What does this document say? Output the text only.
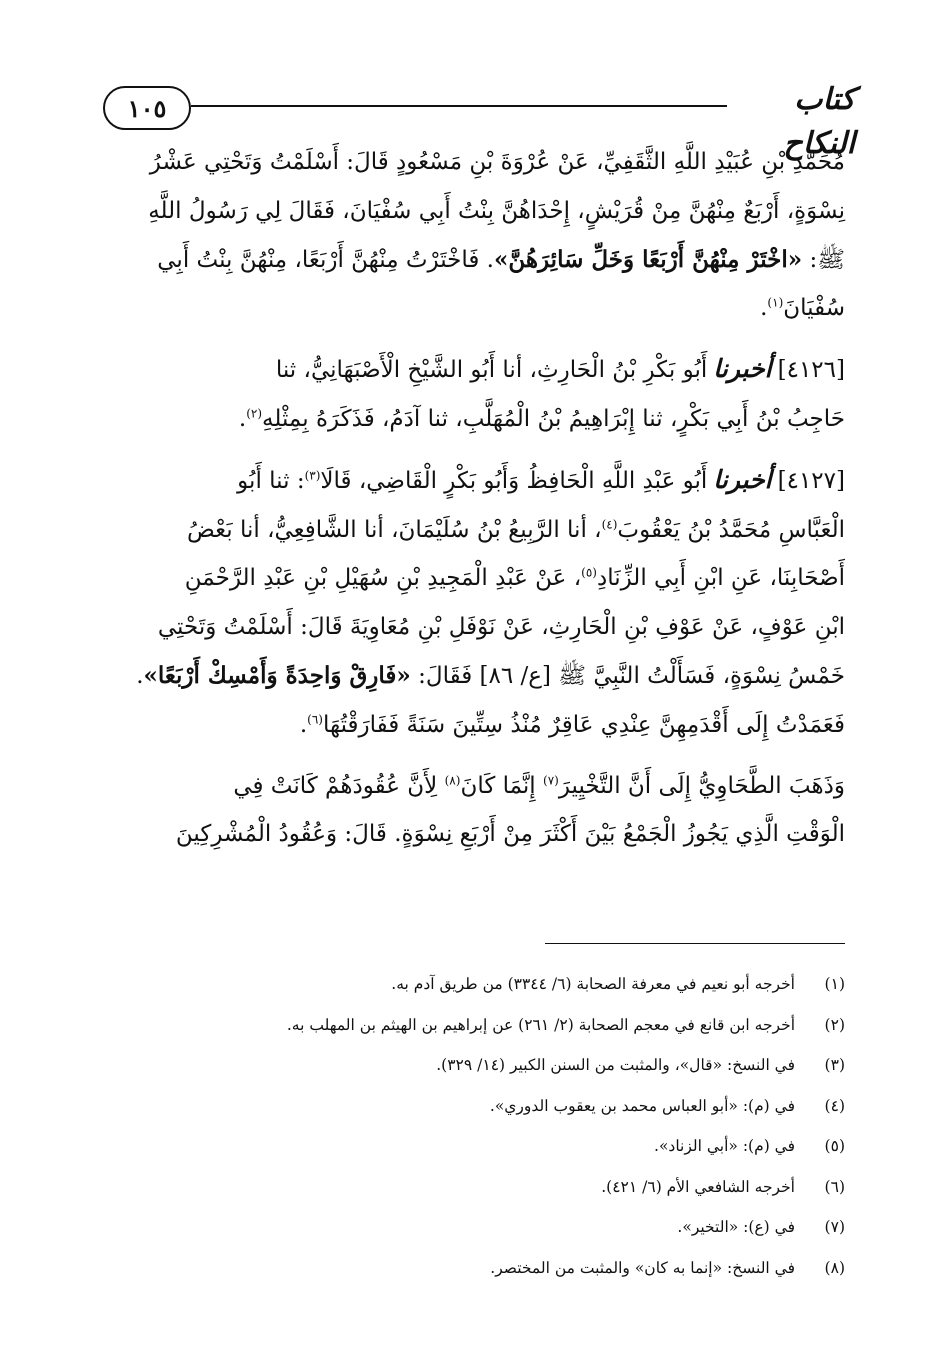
١٠٥	كتاب النكاح
مُحَمَّدِ بْنِ عُبَيْدِ اللَّهِ الثَّقَفِيِّ، عَنْ عُرْوَةَ بْنِ مَسْعُودٍ قَالَ: أَسْلَمْتُ وَتَحْتِي عَشْرُ
نِسْوَةٍ، أَرْبَعٌ مِنْهُنَّ مِنْ قُرَيْشٍ، إِحْدَاهُنَّ بِنْتُ أَبِي سُفْيَانَ، فَقَالَ لِي رَسُولُ اللَّهِ
ﷺ: «اخْتَرْ مِنْهُنَّ أَرْبَعًا وَخَلِّ سَائِرَهُنَّ». فَاخْتَرْتُ مِنْهُنَّ أَرْبَعًا، مِنْهُنَّ بِنْتُ أَبِي
سُفْيَانَ$^{(١)}$.
[٤١٢٦]أخبرناأَبُو بَكْرِ بْنُ الْحَارِثِ، أنا أَبُو الشَّيْخِ الْأَصْبَهَانِيُّ، ثنا
حَاجِبُ بْنُ أَبِي بَكْرٍ، ثنا إِبْرَاهِيمُ بْنُ الْمُهَلَّبِ، ثنا آدَمُ، فَذَكَرَهُ بِمِثْلِهِ$^{(٢)}$.
[٤١٢٧]أخبرناأَبُو عَبْدِ اللَّهِ الْحَافِظُ وَأَبُو بَكْرٍ الْقَاضِي، قَالَا$^{(٣)}$: ثنا أَبُو
الْعَبَّاسِ مُحَمَّدُ بْنُ يَعْقُوبَ$^{(٤)}$، أنا الرَّبِيعُ بْنُ سُلَيْمَانَ، أنا الشَّافِعِيُّ، أنا بَعْضُ
أَصْحَابِنَا، عَنِ ابْنِ أَبِي الزِّنَادِ$^{(٥)}$، عَنْ عَبْدِ الْمَجِيدِ بْنِ سُهَيْلِ بْنِ عَبْدِ الرَّحْمَنِ
ابْنِ عَوْفٍ، عَنْ عَوْفِ بْنِ الْحَارِثِ، عَنْ نَوْفَلِ بْنِ مُعَاوِيَةَ قَالَ: أَسْلَمْتُ وَتَحْتِي
خَمْسُ نِسْوَةٍ، فَسَأَلْتُ النَّبِيَّ ﷺ [ع/ ٨٦] فَقَالَ: «فَارِقْ وَاحِدَةً وَأَمْسِكْ أَرْبَعًا».
فَعَمَدْتُ إِلَى أَقْدَمِهِنَّ عِنْدِي عَاقِرٌ مُنْذُ سِتِّينَ سَنَةً فَفَارَقْتُهَا$^{(٦)}$.
وَذَهَبَ الطَّحَاوِيُّ إِلَى أَنَّ التَّخْيِيرَ$^{(٧)}$ إِنَّمَا كَانَ$^{(٨)}$ لِأَنَّ عُقُودَهُمْ كَانَتْ فِي
الْوَقْتِ الَّذِي يَجُوزُ الْجَمْعُ بَيْنَ أَكْثَرَ مِنْ أَرْبَعِ نِسْوَةٍ. قَالَ: وَعُقُودُ الْمُشْرِكِينَ
(١)
أخرجه أبو نعيم في معرفة الصحابة (٦/ ٣٣٤٤) من طريق آدم به.
(٢)
أخرجه ابن قانع في معجم الصحابة (٢/ ٢٦١) عن إبراهيم بن الهيثم بن المهلب به.
(٣)
في النسخ: «قال»، والمثبت من السنن الكبير (١٤/ ٣٢٩).
(٤)
في (م): «أبو العباس محمد بن يعقوب الدوري».
(٥)
في (م): «أبي الزناد».
(٦)
أخرجه الشافعي الأم (٦/ ٤٢١).
(٧)
في (ع): «التخير».
(٨)
في النسخ: «إنما به كان» والمثبت من المختصر.
